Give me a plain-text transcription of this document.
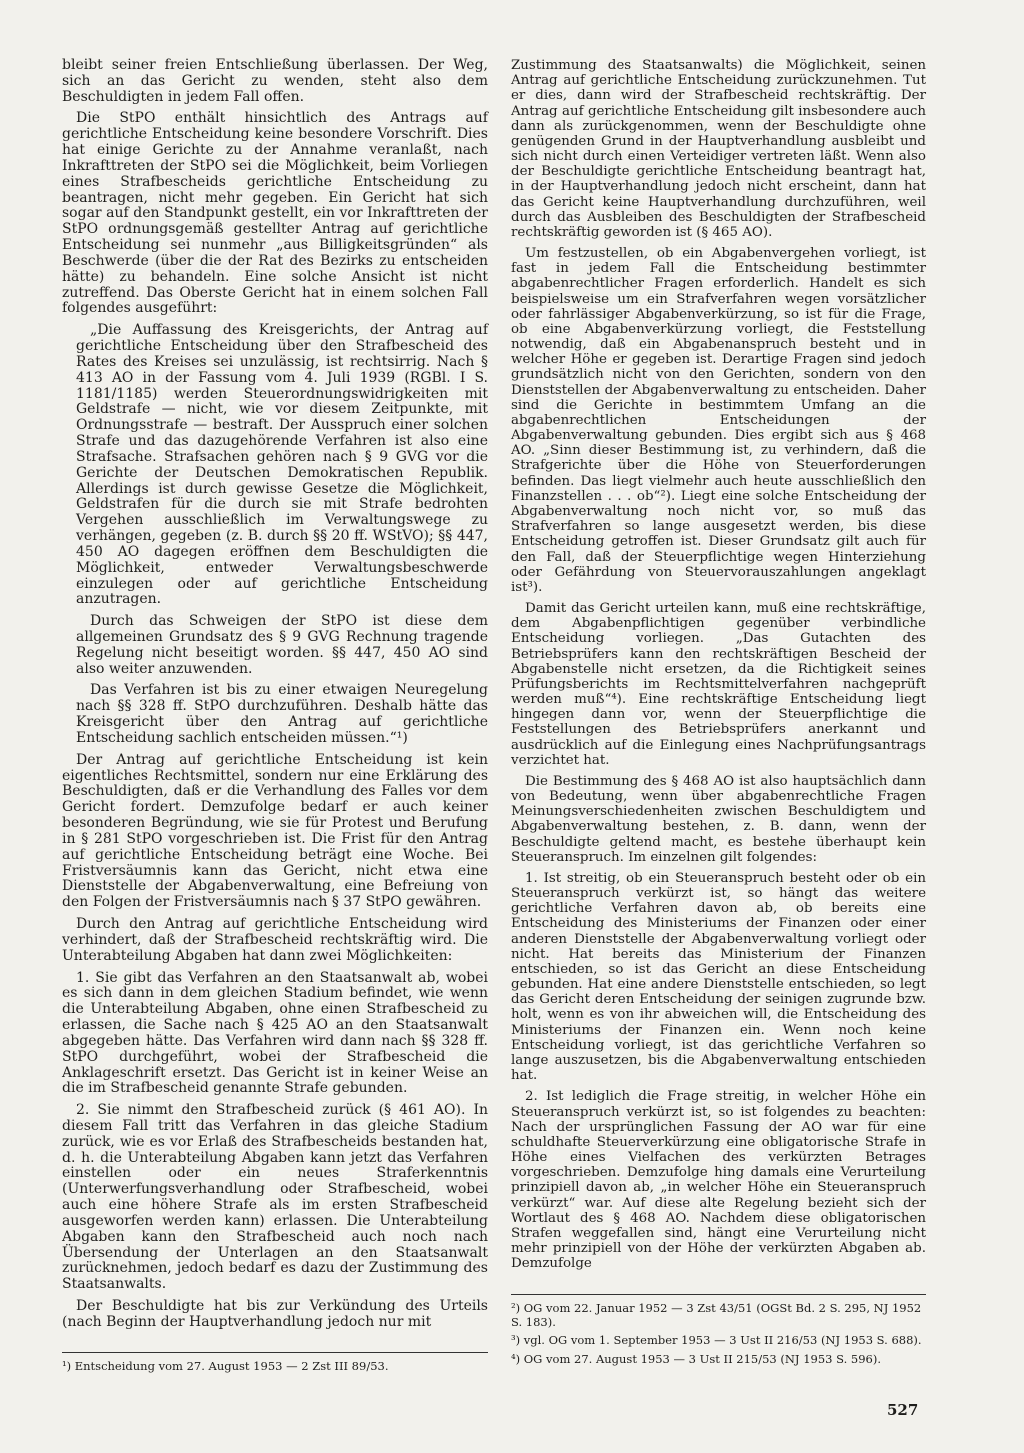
bleibt seiner freien Entschließung überlassen. Der Weg, sich an das Gericht zu wenden, steht also dem Beschuldigten in jedem Fall offen.

Die StPO enthält hinsichtlich des Antrags auf gerichtliche Entscheidung keine besondere Vorschrift. Dies hat einige Gerichte zu der Annahme veranlaßt, nach Inkrafttreten der StPO sei die Möglichkeit, beim Vorliegen eines Strafbescheids gerichtliche Entscheidung zu beantragen, nicht mehr gegeben. Ein Gericht hat sich sogar auf den Standpunkt gestellt, ein vor Inkrafttreten der StPO ordnungsgemäß gestellter Antrag auf gerichtliche Entscheidung sei nunmehr „aus Billigkeitsgründen“ als Beschwerde (über die der Rat des Bezirks zu entscheiden hätte) zu behandeln. Eine solche Ansicht ist nicht zutreffend. Das Oberste Gericht hat in einem solchen Fall folgendes ausgeführt:

„Die Auffassung des Kreisgerichts, der Antrag auf gerichtliche Entscheidung über den Strafbescheid des Rates des Kreises sei unzulässig, ist rechtsirrig. Nach § 413 AO in der Fassung vom 4. Juli 1939 (RGBl. I S. 1181/1185) werden Steuerordnungswidrigkeiten mit Geldstrafe — nicht, wie vor diesem Zeitpunkte, mit Ordnungsstrafe — bestraft. Der Ausspruch einer solchen Strafe und das dazugehörende Verfahren ist also eine Strafsache. Strafsachen gehören nach § 9 GVG vor die Gerichte der Deutschen Demokratischen Republik. Allerdings ist durch gewisse Gesetze die Möglichkeit, Geldstrafen für die durch sie mit Strafe bedrohten Vergehen ausschließlich im Verwaltungswege zu verhängen, gegeben (z. B. durch §§ 20 ff. WStVO); §§ 447, 450 AO dagegen eröffnen dem Beschuldigten die Möglichkeit, entweder Verwaltungsbeschwerde einzulegen oder auf gerichtliche Entscheidung anzutragen.

Durch das Schweigen der StPO ist diese dem allgemeinen Grundsatz des § 9 GVG Rechnung tragende Regelung nicht beseitigt worden. §§ 447, 450 AO sind also weiter anzuwenden.

Das Verfahren ist bis zu einer etwaigen Neuregelung nach §§ 328 ff. StPO durchzuführen. Deshalb hätte das Kreisgericht über den Antrag auf gerichtliche Entscheidung sachlich entscheiden müssen.“¹)

Der Antrag auf gerichtliche Entscheidung ist kein eigentliches Rechtsmittel, sondern nur eine Erklärung des Beschuldigten, daß er die Verhandlung des Falles vor dem Gericht fordert. Demzufolge bedarf er auch keiner besonderen Begründung, wie sie für Protest und Berufung in § 281 StPO vorgeschrieben ist. Die Frist für den Antrag auf gerichtliche Entscheidung beträgt eine Woche. Bei Fristversäumnis kann das Gericht, nicht etwa eine Dienststelle der Abgabenverwaltung, eine Befreiung von den Folgen der Fristversäumnis nach § 37 StPO gewähren.

Durch den Antrag auf gerichtliche Entscheidung wird verhindert, daß der Strafbescheid rechtskräftig wird. Die Unterabteilung Abgaben hat dann zwei Möglichkeiten:

1. Sie gibt das Verfahren an den Staatsanwalt ab, wobei es sich dann in dem gleichen Stadium befindet, wie wenn die Unterabteilung Abgaben, ohne einen Strafbescheid zu erlassen, die Sache nach § 425 AO an den Staatsanwalt abgegeben hätte. Das Verfahren wird dann nach §§ 328 ff. StPO durchgeführt, wobei der Strafbescheid die Anklageschrift ersetzt. Das Gericht ist in keiner Weise an die im Strafbescheid genannte Strafe gebunden.

2. Sie nimmt den Strafbescheid zurück (§ 461 AO). In diesem Fall tritt das Verfahren in das gleiche Stadium zurück, wie es vor Erlaß des Strafbescheids bestanden hat, d. h. die Unterabteilung Abgaben kann jetzt das Verfahren einstellen oder ein neues Straferkenntnis (Unterwerfungsverhandlung oder Strafbescheid, wobei auch eine höhere Strafe als im ersten Strafbescheid ausgeworfen werden kann) erlassen. Die Unterabteilung Abgaben kann den Strafbescheid auch noch nach Übersendung der Unterlagen an den Staatsanwalt zurücknehmen, jedoch bedarf es dazu der Zustimmung des Staatsanwalts.

Der Beschuldigte hat bis zur Verkündung des Urteils (nach Beginn der Hauptverhandlung jedoch nur mit

¹) Entscheidung vom 27. August 1953 — 2 Zst III 89/53.

Zustimmung des Staatsanwalts) die Möglichkeit, seinen Antrag auf gerichtliche Entscheidung zurückzunehmen. Tut er dies, dann wird der Strafbescheid rechtskräftig. Der Antrag auf gerichtliche Entscheidung gilt insbesondere auch dann als zurückgenommen, wenn der Beschuldigte ohne genügenden Grund in der Hauptverhandlung ausbleibt und sich nicht durch einen Verteidiger vertreten läßt. Wenn also der Beschuldigte gerichtliche Entscheidung beantragt hat, in der Hauptverhandlung jedoch nicht erscheint, dann hat das Gericht keine Hauptverhandlung durchzuführen, weil durch das Ausbleiben des Beschuldigten der Strafbescheid rechtskräftig geworden ist (§ 465 AO).

Um festzustellen, ob ein Abgabenvergehen vorliegt, ist fast in jedem Fall die Entscheidung bestimmter abgabenrechtlicher Fragen erforderlich. Handelt es sich beispielsweise um ein Strafverfahren wegen vorsätzlicher oder fahrlässiger Abgabenverkürzung, so ist für die Frage, ob eine Abgabenverkürzung vorliegt, die Feststellung notwendig, daß ein Abgabenanspruch besteht und in welcher Höhe er gegeben ist. Derartige Fragen sind jedoch grundsätzlich nicht von den Gerichten, sondern von den Dienststellen der Abgabenverwaltung zu entscheiden. Daher sind die Gerichte in bestimmtem Umfang an die abgabenrechtlichen Entscheidungen der Abgabenverwaltung gebunden. Dies ergibt sich aus § 468 AO. „Sinn dieser Bestimmung ist, zu verhindern, daß die Strafgerichte über die Höhe von Steuerforderungen befinden. Das liegt vielmehr auch heute ausschließlich den Finanzstellen . . . ob“²). Liegt eine solche Entscheidung der Abgabenverwaltung noch nicht vor, so muß das Strafverfahren so lange ausgesetzt werden, bis diese Entscheidung getroffen ist. Dieser Grundsatz gilt auch für den Fall, daß der Steuerpflichtige wegen Hinterziehung oder Gefährdung von Steuervorauszahlungen angeklagt ist³).

Damit das Gericht urteilen kann, muß eine rechtskräftige, dem Abgabenpflichtigen gegenüber verbindliche Entscheidung vorliegen. „Das Gutachten des Betriebsprüfers kann den rechtskräftigen Bescheid der Abgabenstelle nicht ersetzen, da die Richtigkeit seines Prüfungsberichts im Rechtsmittelverfahren nachgeprüft werden muß“⁴). Eine rechtskräftige Entscheidung liegt hingegen dann vor, wenn der Steuerpflichtige die Feststellungen des Betriebsprüfers anerkannt und ausdrücklich auf die Einlegung eines Nachprüfungsantrags verzichtet hat.

Die Bestimmung des § 468 AO ist also hauptsächlich dann von Bedeutung, wenn über abgabenrechtliche Fragen Meinungsverschiedenheiten zwischen Beschuldigtem und Abgabenverwaltung bestehen, z. B. dann, wenn der Beschuldigte geltend macht, es bestehe überhaupt kein Steueranspruch. Im einzelnen gilt folgendes:

1. Ist streitig, ob ein Steueranspruch besteht oder ob ein Steueranspruch verkürzt ist, so hängt das weitere gerichtliche Verfahren davon ab, ob bereits eine Entscheidung des Ministeriums der Finanzen oder einer anderen Dienststelle der Abgabenverwaltung vorliegt oder nicht. Hat bereits das Ministerium der Finanzen entschieden, so ist das Gericht an diese Entscheidung gebunden. Hat eine andere Dienststelle entschieden, so legt das Gericht deren Entscheidung der seinigen zugrunde bzw. holt, wenn es von ihr abweichen will, die Entscheidung des Ministeriums der Finanzen ein. Wenn noch keine Entscheidung vorliegt, ist das gerichtliche Verfahren so lange auszusetzen, bis die Abgabenverwaltung entschieden hat.

2. Ist lediglich die Frage streitig, in welcher Höhe ein Steueranspruch verkürzt ist, so ist folgendes zu beachten: Nach der ursprünglichen Fassung der AO war für eine schuldhafte Steuerverkürzung eine obligatorische Strafe in Höhe eines Vielfachen des verkürzten Betrages vorgeschrieben. Demzufolge hing damals eine Verurteilung prinzipiell davon ab, „in welcher Höhe ein Steueranspruch verkürzt“ war. Auf diese alte Regelung bezieht sich der Wortlaut des § 468 AO. Nachdem diese obligatorischen Strafen weggefallen sind, hängt eine Verurteilung nicht mehr prinzipiell von der Höhe der verkürzten Abgaben ab. Demzufolge

²) OG vom 22. Januar 1952 — 3 Zst 43/51 (OGSt Bd. 2 S. 295, NJ 1952 S. 183).

³) vgl. OG vom 1. September 1953 — 3 Ust II 216/53 (NJ 1953 S. 688).

⁴) OG vom 27. August 1953 — 3 Ust II 215/53 (NJ 1953 S. 596).

527
